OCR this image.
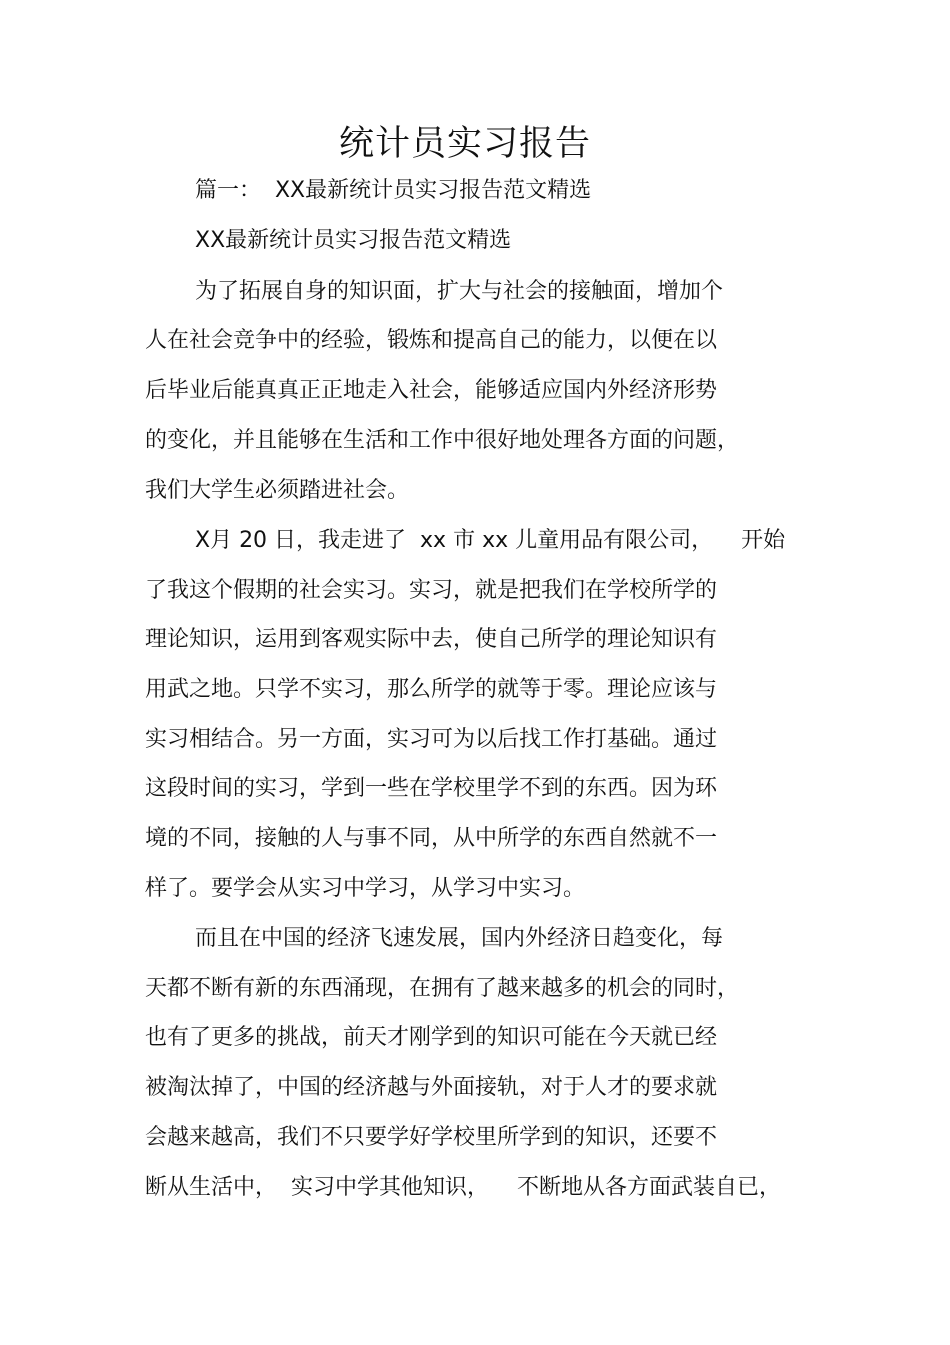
统计员实习报告

篇一：  XX最新统计员实习报告范文精选

XX最新统计员实习报告范文精选

为了拓展自身的知识面，扩大与社会的接触面，增加个

人在社会竞争中的经验，锻炼和提高自己的能力，以便在以

后毕业后能真真正正地走入社会，能够适应国内外经济形势

的变化，并且能够在生活和工作中很好地处理各方面的问题，

我们大学生必须踏进社会。

X月 20 日，我走进了  xx 市 xx 儿童用品有限公司，    开始

了我这个假期的社会实习。实习，就是把我们在学校所学的

理论知识，运用到客观实际中去，使自己所学的理论知识有

用武之地。只学不实习，那么所学的就等于零。理论应该与

实习相结合。另一方面，实习可为以后找工作打基础。通过

这段时间的实习，学到一些在学校里学不到的东西。因为环

境的不同，接触的人与事不同，从中所学的东西自然就不一

样了。要学会从实习中学习，从学习中实习。

而且在中国的经济飞速发展，国内外经济日趋变化，每

天都不断有新的东西涌现，在拥有了越来越多的机会的同时，

也有了更多的挑战，前天才刚学到的知识可能在今天就已经

被淘汰掉了，中国的经济越与外面接轨，对于人才的要求就

会越来越高，我们不只要学好学校里所学到的知识，还要不

断从生活中，  实习中学其他知识，    不断地从各方面武装自已，
